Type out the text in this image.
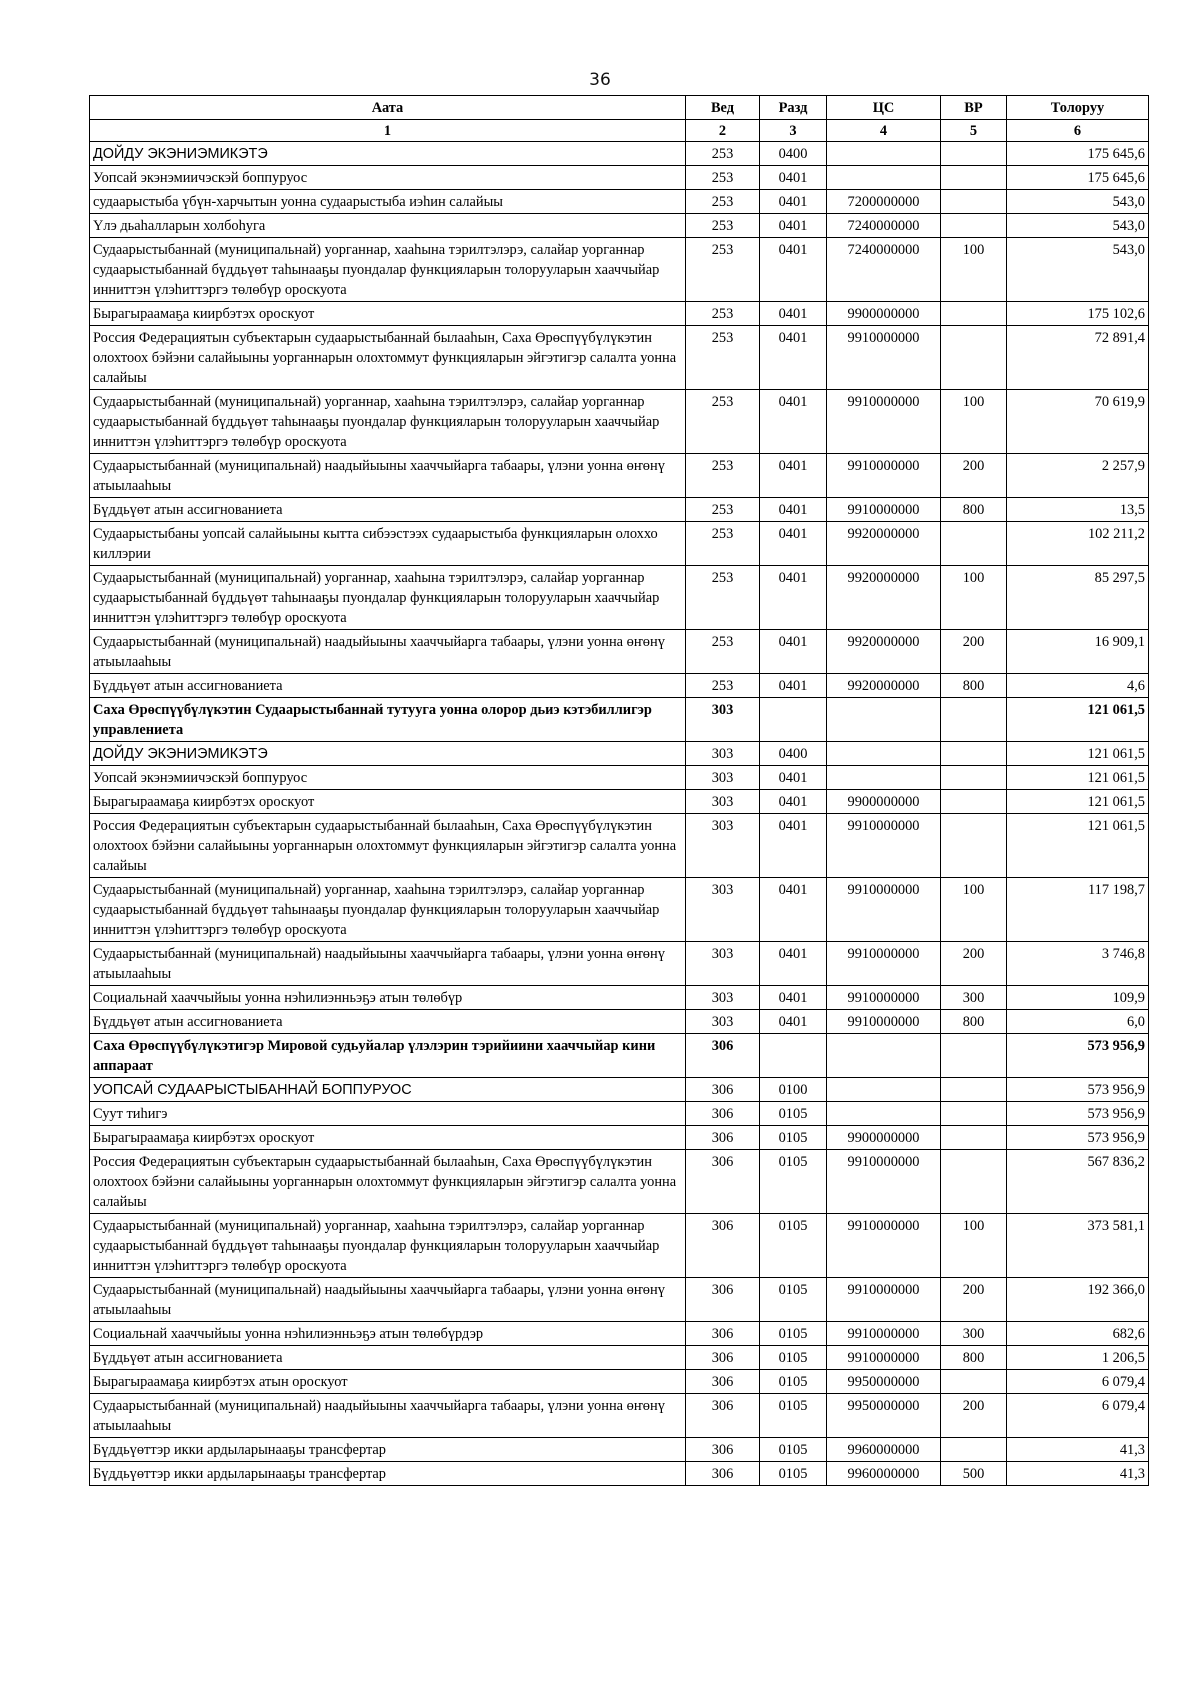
36
Аата	Вед	Разд	ЦС	ВР	Толоруу
1	2	3	4	5	6
ДОЙДУ ЭКЭНИЭМИКЭТЭ	253	0400			175 645,6
Уопсай экэнэмиичэскэй боппуруос	253	0401			175 645,6
судаарыстыба үбүн-харчытын уонна судаарыстыба иэһин салайыы	253	0401	7200000000		543,0
Үлэ дьаһалларын холбоһуга	253	0401	7240000000		543,0
Судаарыстыбаннай (муниципальнай) уорганнар, хааһына тэрилтэлэрэ, салайар уорганнар судаарыстыбаннай бүддьүөт таһынааҕы пуондалар функцияларын толорууларын хааччыйар инниттэн үлэһиттэргэ төлөбүр ороскуота	253	0401	7240000000	100	543,0
Бырагыраамаҕа киирбэтэх ороскуот	253	0401	9900000000		175 102,6
Россия Федерациятын субъектарын судаарыстыбаннай былааһын, Саха Өрөспүүбүлүкэтин олохтоох бэйэни салайыыны уорганнарын олохтоммут функцияларын эйгэтигэр салалта уонна салайыы	253	0401	9910000000		72 891,4
Судаарыстыбаннай (муниципальнай) уорганнар, хааһына тэрилтэлэрэ, салайар уорганнар судаарыстыбаннай бүддьүөт таһынааҕы пуондалар функцияларын толорууларын хааччыйар инниттэн үлэһиттэргэ төлөбүр ороскуота	253	0401	9910000000	100	70 619,9
Судаарыстыбаннай (муниципальнай) наадыйыыны хааччыйарга табаары, үлэни уонна өҥөнү атыылааһыы	253	0401	9910000000	200	2 257,9
Бүддьүөт атын ассигнованиета	253	0401	9910000000	800	13,5
Судаарыстыбаны уопсай салайыыны кытта сибээстээх судаарыстыба функцияларын олоххо киллэрии	253	0401	9920000000		102 211,2
Судаарыстыбаннай (муниципальнай) уорганнар, хааһына тэрилтэлэрэ, салайар уорганнар судаарыстыбаннай бүддьүөт таһынааҕы пуондалар функцияларын толорууларын хааччыйар инниттэн үлэһиттэргэ төлөбүр ороскуота	253	0401	9920000000	100	85 297,5
Судаарыстыбаннай (муниципальнай) наадыйыыны хааччыйарга табаары, үлэни уонна өҥөнү атыылааһыы	253	0401	9920000000	200	16 909,1
Бүддьүөт атын ассигнованиета	253	0401	9920000000	800	4,6
Саха Өрөспүүбүлүкэтин Судаарыстыбаннай тутууга уонна олорор дьиэ кэтэбиллигэр управлениета	303				121 061,5
ДОЙДУ ЭКЭНИЭМИКЭТЭ	303	0400			121 061,5
Уопсай экэнэмиичэскэй боппуруос	303	0401			121 061,5
Бырагыраамаҕа киирбэтэх ороскуот	303	0401	9900000000		121 061,5
Россия Федерациятын субъектарын судаарыстыбаннай былааһын, Саха Өрөспүүбүлүкэтин олохтоох бэйэни салайыыны уорганнарын олохтоммут функцияларын эйгэтигэр салалта уонна салайыы	303	0401	9910000000		121 061,5
Судаарыстыбаннай (муниципальнай) уорганнар, хааһына тэрилтэлэрэ, салайар уорганнар судаарыстыбаннай бүддьүөт таһынааҕы пуондалар функцияларын толорууларын хааччыйар инниттэн үлэһиттэргэ төлөбүр ороскуота	303	0401	9910000000	100	117 198,7
Судаарыстыбаннай (муниципальнай) наадыйыыны хааччыйарга табаары, үлэни уонна өҥөнү атыылааһыы	303	0401	9910000000	200	3 746,8
Социальнай хааччыйыы уонна нэһилиэнньэҕэ атын төлөбүр	303	0401	9910000000	300	109,9
Бүддьүөт атын ассигнованиета	303	0401	9910000000	800	6,0
Саха Өрөспүүбүлүкэтигэр Мировой судьуйалар үлэлэрин тэрийиини хааччыйар кини аппараат	306				573 956,9
УОПСАЙ СУДААРЫСТЫБАННАЙ БОППУРУОС	306	0100			573 956,9
Суут тиһигэ	306	0105			573 956,9
Бырагыраамаҕа киирбэтэх ороскуот	306	0105	9900000000		573 956,9
Россия Федерациятын субъектарын судаарыстыбаннай былааһын, Саха Өрөспүүбүлүкэтин олохтоох бэйэни салайыыны уорганнарын олохтоммут функцияларын эйгэтигэр салалта уонна салайыы	306	0105	9910000000		567 836,2
Судаарыстыбаннай (муниципальнай) уорганнар, хааһына тэрилтэлэрэ, салайар уорганнар судаарыстыбаннай бүддьүөт таһынааҕы пуондалар функцияларын толорууларын хааччыйар инниттэн үлэһиттэргэ төлөбүр ороскуота	306	0105	9910000000	100	373 581,1
Судаарыстыбаннай (муниципальнай) наадыйыыны хааччыйарга табаары, үлэни уонна өҥөнү атыылааһыы	306	0105	9910000000	200	192 366,0
Социальнай хааччыйыы уонна нэһилиэнньэҕэ атын төлөбүрдэр	306	0105	9910000000	300	682,6
Бүддьүөт атын ассигнованиета	306	0105	9910000000	800	1 206,5
Бырагыраамаҕа киирбэтэх атын ороскуот	306	0105	9950000000		6 079,4
Судаарыстыбаннай (муниципальнай) наадыйыыны хааччыйарга табаары, үлэни уонна өҥөнү атыылааһыы	306	0105	9950000000	200	6 079,4
Бүддьүөттэр икки ардыларынааҕы трансфертар	306	0105	9960000000		41,3
Бүддьүөттэр икки ардыларынааҕы трансфертар	306	0105	9960000000	500	41,3
